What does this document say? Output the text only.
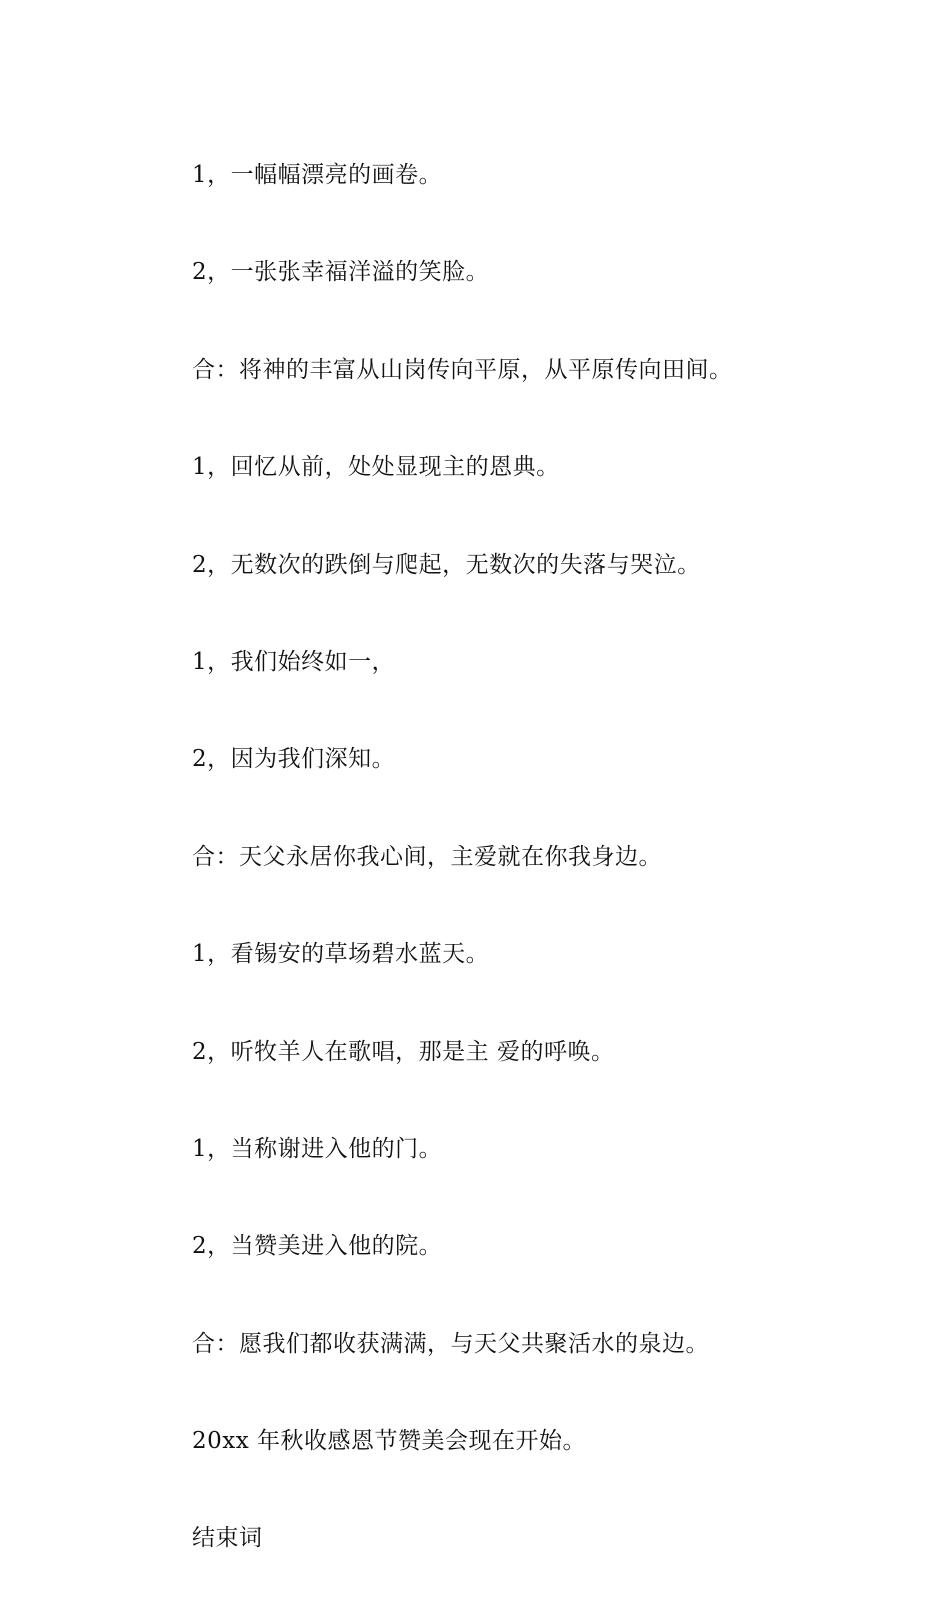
1，一幅幅漂亮的画卷。

2，一张张幸福洋溢的笑脸。

合：将神的丰富从山岗传向平原，从平原传向田间。

1，回忆从前，处处显现主的恩典。

2，无数次的跌倒与爬起，无数次的失落与哭泣。

1，我们始终如一，

2，因为我们深知。

合：天父永居你我心间，主爱就在你我身边。

1，看锡安的草场碧水蓝天。

2，听牧羊人在歌唱，那是主 爱的呼唤。

1，当称谢进入他的门。

2，当赞美进入他的院。

合：愿我们都收获满满，与天父共聚活水的泉边。

20xx 年秋收感恩节赞美会现在开始。

结束词
